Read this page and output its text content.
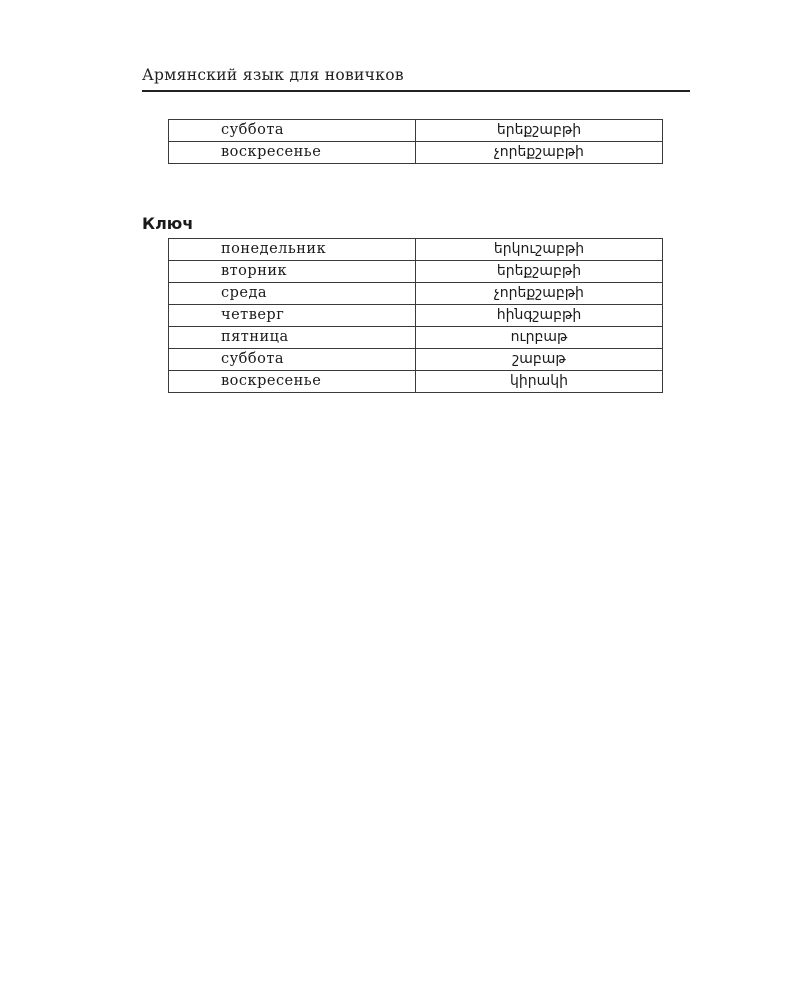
Армянский язык для новичков
суббота	երեքշաբթի
воскресенье	չորեքշաբթի
Ключ
понедельник	երկուշաբթի
вторник	երեքշաբթի
среда	չորեքշաբթի
четверг	հինգշաբթի
пятница	ուրբաթ
суббота	շաբաթ
воскресенье	կիրակի
